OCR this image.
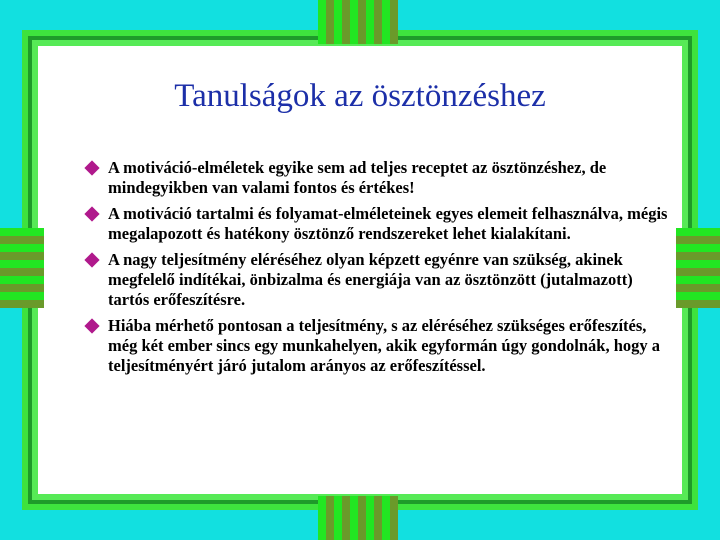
Tanulságok az ösztönzéshez
A motiváció-elméletek egyike sem ad teljes receptet az ösztönzéshez, de mindegyikben van valami fontos és értékes!
A motiváció tartalmi és folyamat-elméleteinek egyes elemeit felhasználva, mégis megalapozott és hatékony ösztönző rendszereket lehet kialakítani.
A nagy teljesítmény eléréséhez olyan képzett egyénre van szükség, akinek megfelelő indítékai, önbizalma és energiája van az ösztönzött (jutalmazott) tartós erőfeszítésre.
Hiába mérhető pontosan a teljesítmény, s az eléréséhez szükséges erőfeszítés, még két ember sincs egy munkahelyen, akik egyformán úgy gondolnák, hogy a teljesítményért járó jutalom arányos az erőfeszítéssel.
